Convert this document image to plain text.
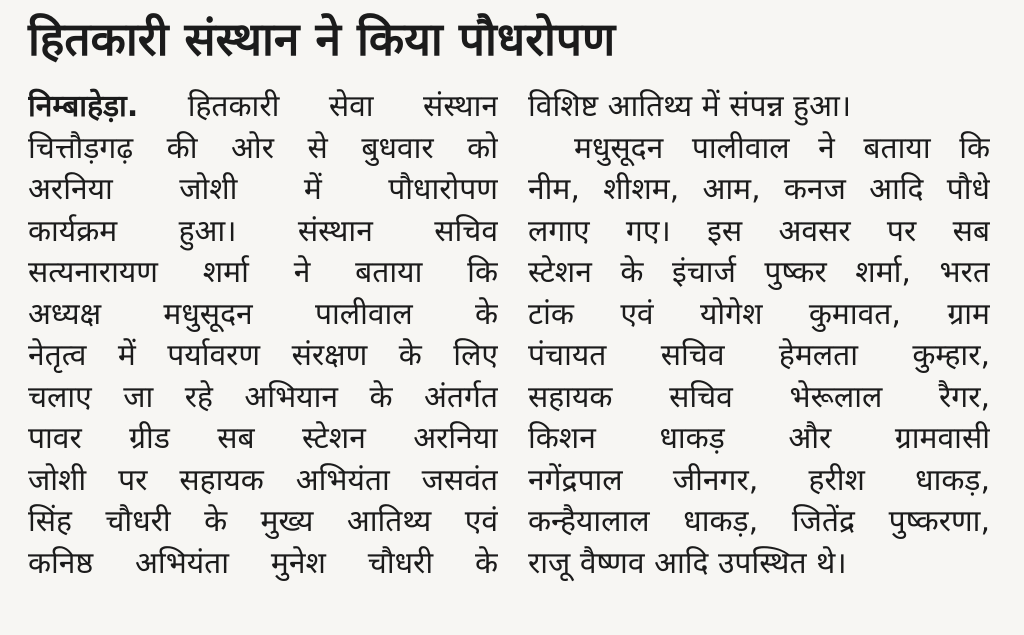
हितकारी संस्थान ने किया पौधरोपण
निम्बाहेड़ा. हितकारी सेवा संस्थान
चित्तौड़गढ़ की ओर से बुधवार को
अरनिया जोशी में पौधारोपण
कार्यक्रम हुआ। संस्थान सचिव
सत्यनारायण शर्मा ने बताया कि
अध्यक्ष मधुसूदन पालीवाल के
नेतृत्व में पर्यावरण संरक्षण के लिए
चलाए जा रहे अभियान के अंतर्गत
पावर ग्रीड सब स्टेशन अरनिया
जोशी पर सहायक अभियंता जसवंत
सिंह चौधरी के मुख्य आतिथ्य एवं
कनिष्ठ अभियंता मुनेश चौधरी के
विशिष्ट आतिथ्य में संपन्न हुआ।
मधुसूदन पालीवाल ने बताया कि
नीम, शीशम, आम, कनज आदि पौधे
लगाए गए। इस अवसर पर सब
स्टेशन के इंचार्ज पुष्कर शर्मा, भरत
टांक एवं योगेश कुमावत, ग्राम
पंचायत सचिव हेमलता कुम्हार,
सहायक सचिव भेरूलाल रैगर,
किशन धाकड़ और ग्रामवासी
नगेंद्रपाल जीनगर, हरीश धाकड़,
कन्हैयालाल धाकड़, जितेंद्र पुष्करणा,
राजू वैष्णव आदि उपस्थित थे।
